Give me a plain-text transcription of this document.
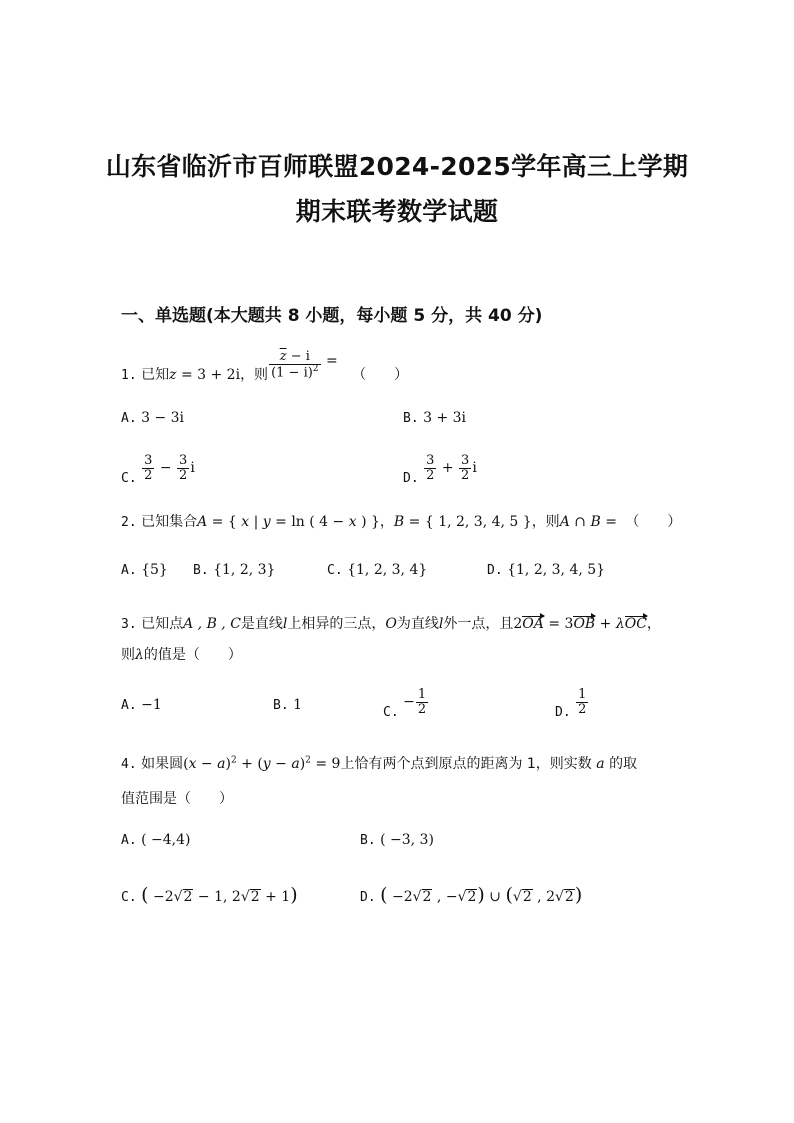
山东省临沂市百师联盟2024-2025学年高三上学期
期末联考数学试题
一、单选题(本大题共 8 小题，每小题 5 分，共 40 分)
1. 已知z = 3 + 2i，则 $\frac{\overline{z} - i}{(1 - i)^2}$ = （　　）
A. 3 − 3i	B. 3 + 3i
C. $\frac{3}{2} - \frac{3}{2}$ i
D. $\frac{3}{2} + \frac{3}{2}$ i
2. 已知集合A = { x | y = ln ( 4 − x ) }，B = { 1, 2, 3, 4, 5 }，则A ∩ B = （　　）
A. {5} B. {1, 2, 3}	C. {1, 2, 3, 4}	D. {1, 2, 3, 4, 5}
3. 已知点A , B , C是直线l上相异的三点，O为直线l外一点，且2OA = 3OB + λOC，
则λ的值是（　　）
A. −1	B. 1	C. − $\frac{1}{2}$	D. $\frac{1}{2}$
4. 如果圆$(x - a)^2 + (y - a)^2 = 9$上恰有两个点到原点的距离为 1，则实数 a 的取
值范围是（　　）
A. ( −4,4)	B. ( −3, 3)
C. ( −2√2 − 1, 2√2 + 1)	D. ( −2√2 , −√2) ∪ (√2 , 2√2)
